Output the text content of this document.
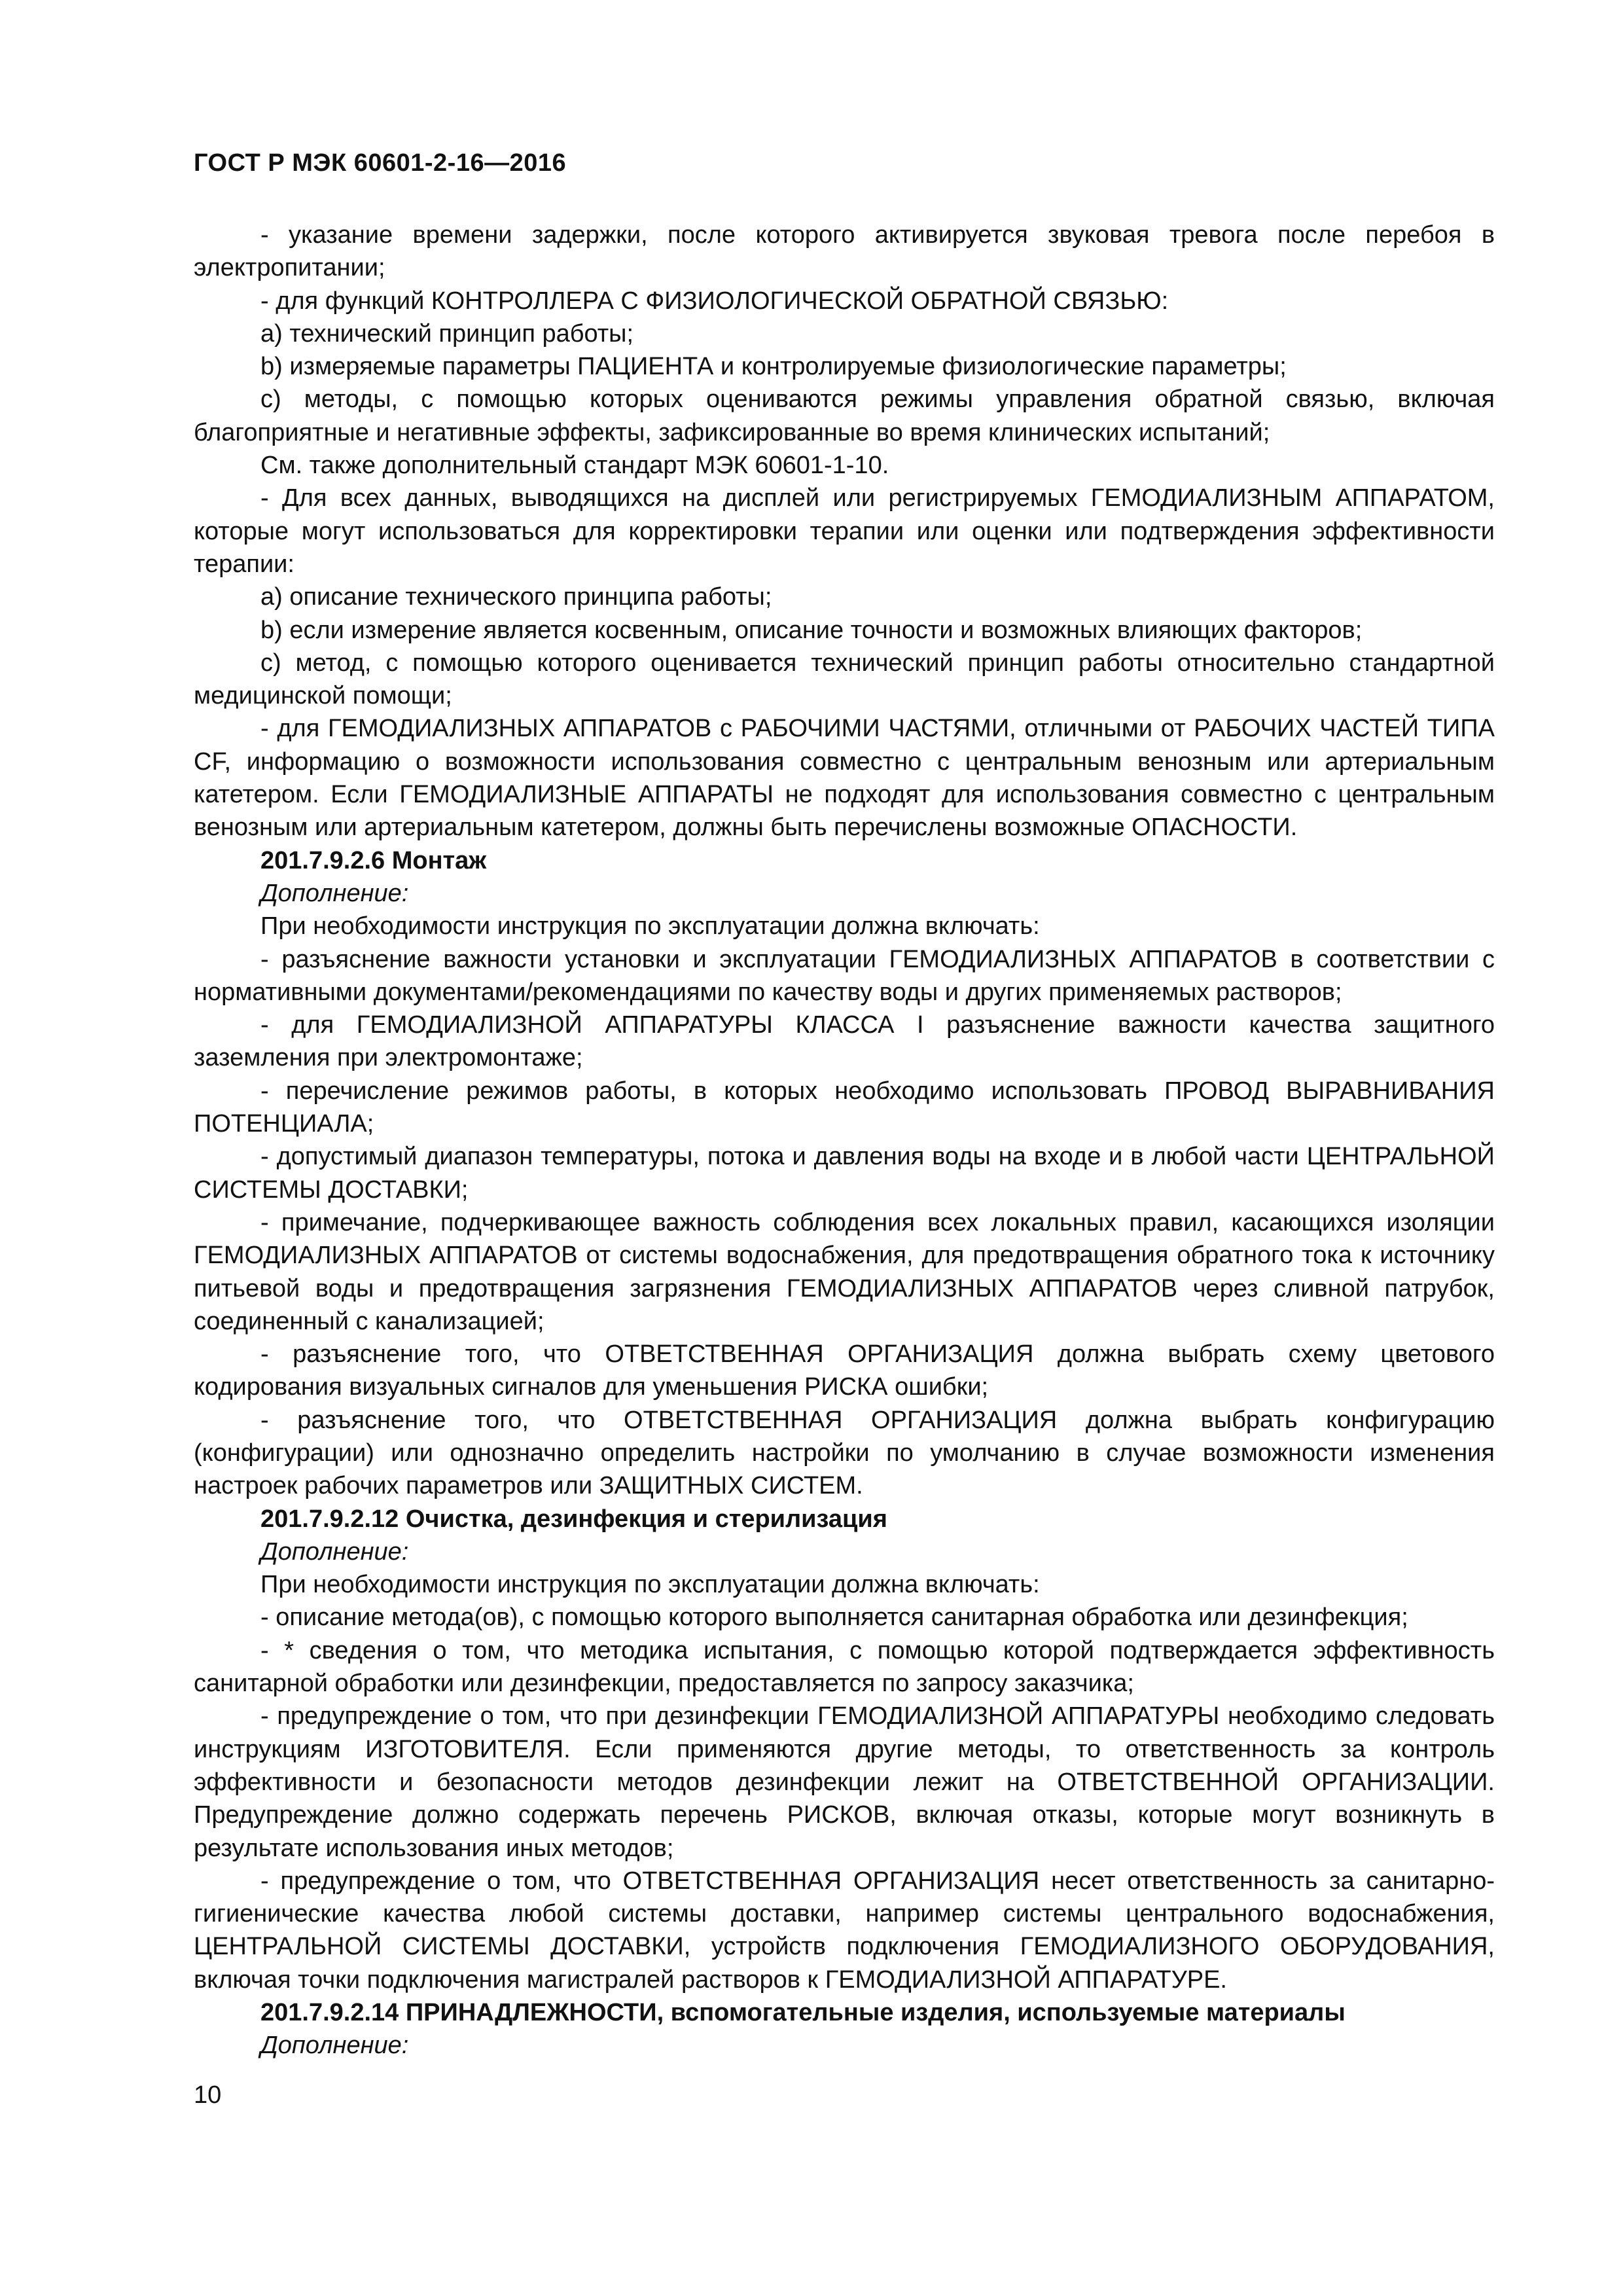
ГОСТ Р МЭК 60601-2-16—2016

- указание времени задержки, после которого активируется звуковая тревога после перебоя в электропитании;

- для функций КОНТРОЛЛЕРА С ФИЗИОЛОГИЧЕСКОЙ ОБРАТНОЙ СВЯЗЬЮ:

а) технический принцип работы;

b) измеряемые параметры ПАЦИЕНТА и контролируемые физиологические параметры;

с) методы, с помощью которых оцениваются режимы управления обратной связью, включая благоприятные и негативные эффекты, зафиксированные во время клинических испытаний;

См. также дополнительный стандарт МЭК 60601-1-10.

- Для всех данных, выводящихся на дисплей или регистрируемых ГЕМОДИАЛИЗНЫМ АППАРАТОМ, которые могут использоваться для корректировки терапии или оценки или подтверждения эффективности терапии:

а) описание технического принципа работы;

b) если измерение является косвенным, описание точности и возможных влияющих факторов;

с) метод, с помощью которого оценивается технический принцип работы относительно стандартной медицинской помощи;

- для ГЕМОДИАЛИЗНЫХ АППАРАТОВ с РАБОЧИМИ ЧАСТЯМИ, отличными от РАБОЧИХ ЧАСТЕЙ ТИПА CF, информацию о возможности использования совместно с центральным венозным или артериальным катетером. Если ГЕМОДИАЛИЗНЫЕ АППАРАТЫ не подходят для использования совместно с центральным венозным или артериальным катетером, должны быть перечислены возможные ОПАСНОСТИ.

201.7.9.2.6 Монтаж

Дополнение:

При необходимости инструкция по эксплуатации должна включать:

- разъяснение важности установки и эксплуатации ГЕМОДИАЛИЗНЫХ АППАРАТОВ в соответствии с нормативными документами/рекомендациями по качеству воды и других применяемых растворов;

- для ГЕМОДИАЛИЗНОЙ АППАРАТУРЫ КЛАССА I разъяснение важности качества защитного заземления при электромонтаже;

- перечисление режимов работы, в которых необходимо использовать ПРОВОД ВЫРАВНИВАНИЯ ПОТЕНЦИАЛА;

- допустимый диапазон температуры, потока и давления воды на входе и в любой части ЦЕНТРАЛЬНОЙ СИСТЕМЫ ДОСТАВКИ;

- примечание, подчеркивающее важность соблюдения всех локальных правил, касающихся изоляции ГЕМОДИАЛИЗНЫХ АППАРАТОВ от системы водоснабжения, для предотвращения обратного тока к источнику питьевой воды и предотвращения загрязнения ГЕМОДИАЛИЗНЫХ АППАРАТОВ через сливной патрубок, соединенный с канализацией;

- разъяснение того, что ОТВЕТСТВЕННАЯ ОРГАНИЗАЦИЯ должна выбрать схему цветового кодирования визуальных сигналов для уменьшения РИСКА ошибки;

- разъяснение того, что ОТВЕТСТВЕННАЯ ОРГАНИЗАЦИЯ должна выбрать конфигурацию (конфигурации) или однозначно определить настройки по умолчанию в случае возможности изменения настроек рабочих параметров или ЗАЩИТНЫХ СИСТЕМ.

201.7.9.2.12 Очистка, дезинфекция и стерилизация

Дополнение:

При необходимости инструкция по эксплуатации должна включать:

- описание метода(ов), с помощью которого выполняется санитарная обработка или дезинфекция;

- * сведения о том, что методика испытания, с помощью которой подтверждается эффективность санитарной обработки или дезинфекции, предоставляется по запросу заказчика;

- предупреждение о том, что при дезинфекции ГЕМОДИАЛИЗНОЙ АППАРАТУРЫ необходимо следовать инструкциям ИЗГОТОВИТЕЛЯ. Если применяются другие методы, то ответственность за контроль эффективности и безопасности методов дезинфекции лежит на ОТВЕТСТВЕННОЙ ОРГАНИЗАЦИИ. Предупреждение должно содержать перечень РИСКОВ, включая отказы, которые могут возникнуть в результате использования иных методов;

- предупреждение о том, что ОТВЕТСТВЕННАЯ ОРГАНИЗАЦИЯ несет ответственность за санитарно-гигиенические качества любой системы доставки, например системы центрального водоснабжения, ЦЕНТРАЛЬНОЙ СИСТЕМЫ ДОСТАВКИ, устройств подключения ГЕМОДИАЛИЗНОГО ОБОРУДОВАНИЯ, включая точки подключения магистралей растворов к ГЕМОДИАЛИЗНОЙ АППАРАТУРЕ.

201.7.9.2.14 ПРИНАДЛЕЖНОСТИ, вспомогательные изделия, используемые материалы

Дополнение:

10
